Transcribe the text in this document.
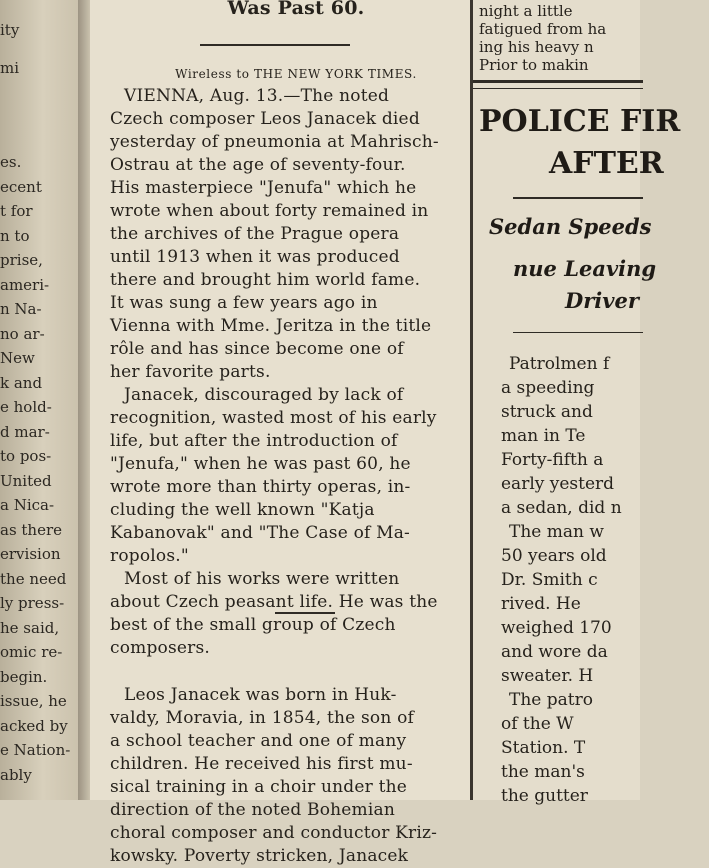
ity
mi
es.
ecent
t for
n to
prise,
ameri-
n Na-
no ar-
New
k and
e hold-
d mar-
to pos-
United
a Nica-
as there
ervision
the need
ly press-
he said,
omic re-
begin.
issue, he
acked by
e Nation-
ably
Was Past 60.
Wireless to THE NEW YORK TIMES.
VIENNA, Aug. 13.—The noted
Czech composer Leos Janacek died
yesterday of pneumonia at Mahrisch-
Ostrau at the age of seventy-four.
His masterpiece "Jenufa" which he
wrote when about forty remained in
the archives of the Prague opera
until 1913 when it was produced
there and brought him world fame.
It was sung a few years ago in
Vienna with Mme. Jeritza in the title
rôle and has since become one of
her favorite parts.
Janacek, discouraged by lack of
recognition, wasted most of his early
life, but after the introduction of
"Jenufa," when he was past 60, he
wrote more than thirty operas, in-
cluding the well known "Katja
Kabanovak" and "The Case of Ma-
ropolos."
Most of his works were written
about Czech peasant life. He was the
best of the small group of Czech
composers.
Leos Janacek was born in Huk-
valdy, Moravia, in 1854, the son of
a school teacher and one of many
children. He received his first mu-
sical training in a choir under the
direction of the noted Bohemian
choral composer and conductor Kriz-
kowsky. Poverty stricken, Janacek
night a little
fatigued from ha
ing his heavy n
Prior to makin
POLICE FIR
AFTER
Sedan Speeds
nue Leaving
Driver
Patrolmen f
a speeding
struck and
man in Te
Forty-fifth a
early yesterd
a sedan, did n
The man w
50 years old
Dr. Smith c
rived. He
weighed 170
and wore da
sweater. H
The patro
of the W
Station. T
the man's
the gutter
